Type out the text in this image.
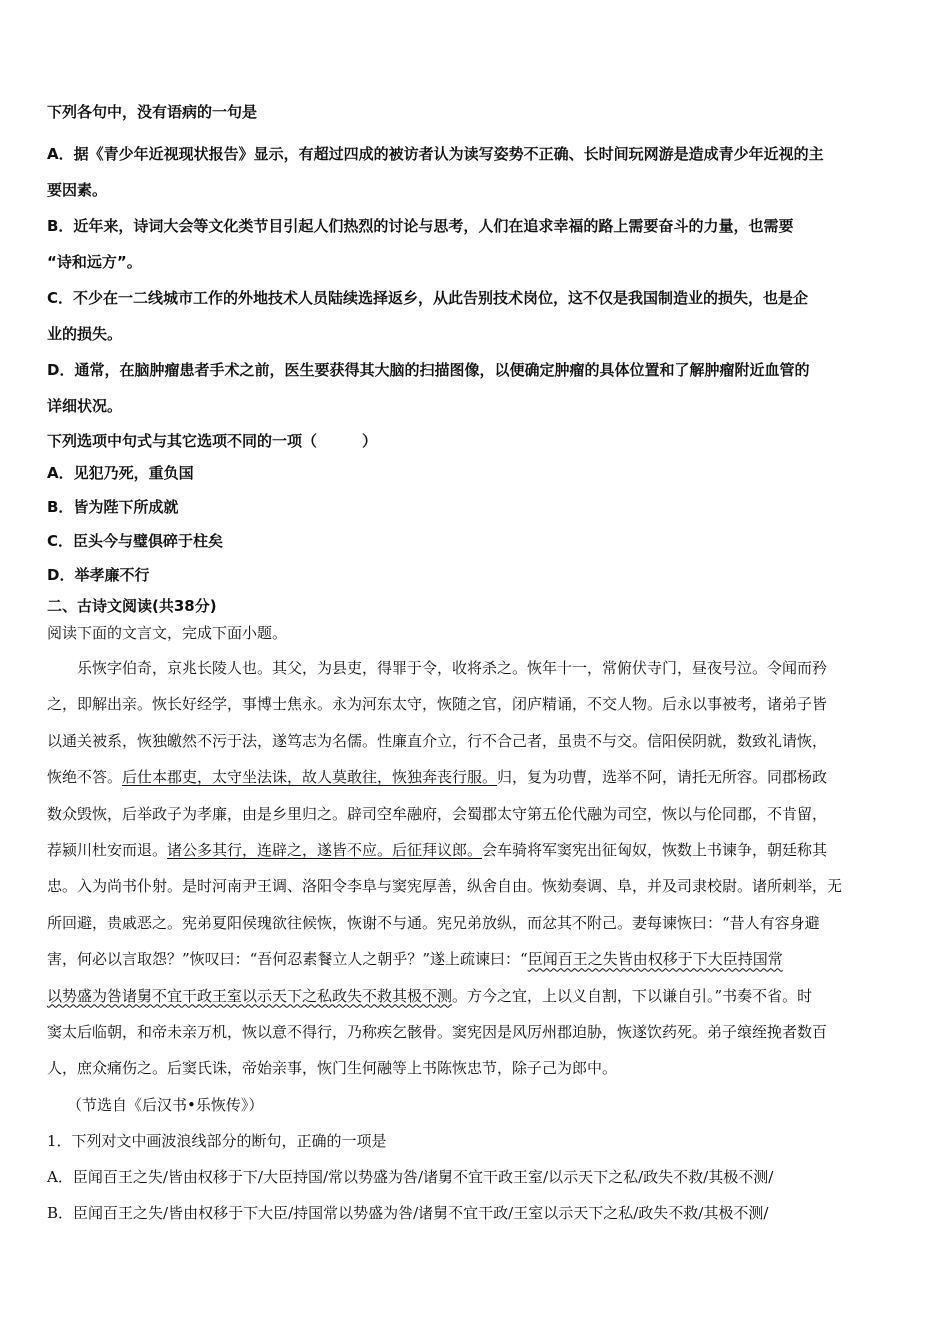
下列各句中，没有语病的一句是
A．据《青少年近视现状报告》显示，有超过四成的被访者认为读写姿势不正确、长时间玩网游是造成青少年近视的主
要因素。
B．近年来，诗词大会等文化类节目引起人们热烈的讨论与思考，人们在追求幸福的路上需要奋斗的力量，也需要
“诗和远方”。
C．不少在一二线城市工作的外地技术人员陆续选择返乡，从此告别技术岗位，这不仅是我国制造业的损失，也是企
业的损失。
D．通常，在脑肿瘤患者手术之前，医生要获得其大脑的扫描图像，以便确定肿瘤的具体位置和了解肿瘤附近血管的
详细状况。
下列选项中句式与其它选项不同的一项（　　　）
A．见犯乃死，重负国
B．皆为陛下所成就
C．臣头今与璧俱碎于柱矣
D．举孝廉不行
二、古诗文阅读(共38分)
阅读下面的文言文，完成下面小题。
乐恢字伯奇，京兆长陵人也。其父，为县吏，得罪于令，收将杀之。恢年十一，常俯伏寺门，昼夜号泣。令闻而矜
之，即解出亲。恢长好经学，事博士焦永。永为河东太守，恢随之官，闭庐精诵，不交人物。后永以事被考，诸弟子皆
以通关被系，恢独皦然不污于法，遂笃志为名儒。性廉直介立，行不合己者，虽贵不与交。信阳侯阴就，数致礼请恢，
恢绝不答。后仕本郡吏，太守坐法诛，故人莫敢往，恢独奔丧行服。归，复为功曹，选举不阿，请托无所容。同郡杨政
数众毁恢，后举政子为孝廉，由是乡里归之。辟司空牟融府，会蜀郡太守第五伦代融为司空，恢以与伦同郡，不肯留，
荐颍川杜安而退。诸公多其行，连辟之，遂皆不应。后征拜议郎。会车骑将军窦宪出征匈奴，恢数上书谏争，朝廷称其
忠。入为尚书仆射。是时河南尹王调、洛阳令李阜与窦宪厚善，纵舍自由。恢劾奏调、阜，并及司隶校尉。诸所刺举，无
所回避，贵戚恶之。宪弟夏阳侯瑰欲往候恢，恢谢不与通。宪兄弟放纵，而忿其不附己。妻每谏恢曰：“昔人有容身避
害，何必以言取怨？”恢叹曰：“吾何忍素餐立人之朝乎？”遂上疏谏曰：“臣闻百王之失皆由权移于下大臣持国常
以势盛为咎诸舅不宜干政王室以示天下之私政失不救其极不测。方今之宜，上以义自割，下以谦自引。”书奏不省。时
窦太后临朝，和帝未亲万机，恢以意不得行，乃称疾乞骸骨。窦宪因是风厉州郡迫胁，恢遂饮药死。弟子缞绖挽者数百
人，庶众痛伤之。后窦氏诛，帝始亲事，恢门生何融等上书陈恢忠节，除子己为郎中。
（节选自《后汉书•乐恢传》）
1．下列对文中画波浪线部分的断句，正确的一项是
A．臣闻百王之失/皆由权移于下/大臣持国/常以势盛为咎/诸舅不宜干政王室/以示天下之私/政失不救/其极不测/
B．臣闻百王之失/皆由权移于下大臣/持国常以势盛为咎/诸舅不宜干政/王室以示天下之私/政失不救/其极不测/
